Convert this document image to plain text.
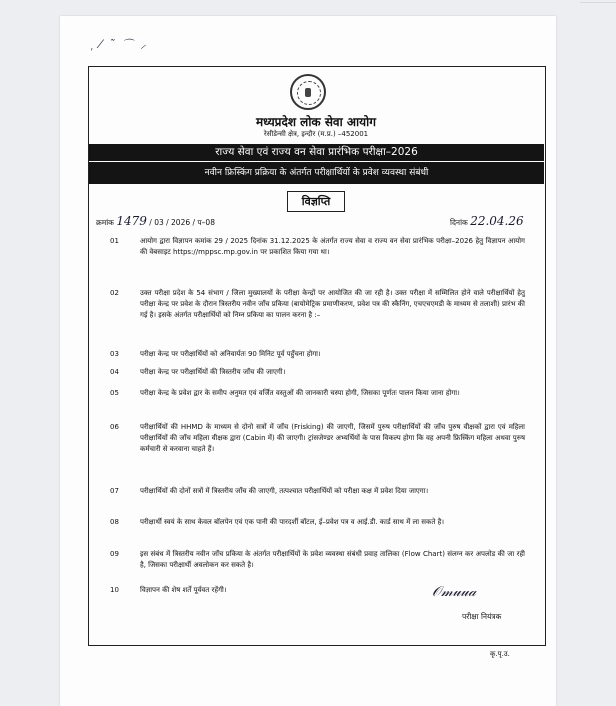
᷊ ⁄ ˜ ⌒ ⸝
मध्यप्रदेश लोक सेवा आयोग
रेसीडेन्सी क्षेत्र, इन्दौर (म.प्र.) –452001
राज्य सेवा एवं राज्य वन सेवा प्रारंभिक परीक्षा–2026
नवीन फ्रिस्किंग प्रक्रिया के अंतर्गत परीक्षार्थियों के प्रवेश व्यवस्था संबंधी
विज्ञप्ति
क्रमांक 1479 / 03 / 2026 / प–08	दिनांक 22.04.26
01	आयोग द्वारा विज्ञापन कमांक 29 / 2025 दिनांक 31.12.2025 के अंतर्गत राज्य सेवा व राज्य वन सेवा प्रारंभिक परीक्षा–2026 हेतु विज्ञापन आयोग की वेबसाइट https://mppsc.mp.gov.in पर प्रकाशित किया गया था।
02	उक्त परीक्षा प्रदेश के 54 संभाग / जिला मुख्यालयों के परीक्षा केन्द्रों पर आयोजित की जा रही है। उक्त परीक्षा में सम्मिलित होने वाले परीक्षार्थियों हेतु परीक्षा केन्द्र पर प्रवेश के दौरान त्रिस्तरीय नवीन जाँच प्रकिया (बायोमेट्रिक प्रमाणीकरण, प्रवेश पत्र की स्कैनिंग, एचएचएमडी के माध्यम से तलाशी) प्रारंभ की गई है। इसके अंतर्गत परीक्षार्थियों को निम्न प्रकिया का पालन करना है :–
03	परीक्षा केन्द्र पर परीक्षार्थियों को अनिवार्यतः 90 मिनिट पूर्व पहुँचना होगा।
04	परीक्षा केन्द्र पर परीक्षार्थियों की त्रिस्तरीय जाँच की जाएगी।
05	परीक्षा केन्द्र के प्रवेश द्वार के समीप अनुमत एवं वर्जित वस्तुओं की जानकारी चस्पा होगी, जिसका पूर्णतः पालन किया जाना होगा।
06	परीक्षार्थियों की HHMD के माध्यम से दोनो सत्रों में जाँच (Frisking) की जाएगी, जिसमें पुरुष परीक्षार्थियों की जाँच पुरुष वीक्षकों द्वारा एवं महिला परीक्षार्थियों की जाँच महिला वीक्षक द्वारा (Cabin में) की जाएगी। ट्रांसजेण्डर अभ्यर्थियों के पास विकल्प होगा कि वह अपनी फ्रिस्किंग महिला अथवा पुरुष कर्मचारी से करवाना चाहते हैं।
07	परीक्षार्थियों की दोनों सत्रों में त्रिस्तरीय जाँच की जाएगी, तत्पश्चात परीक्षार्थियों को परीक्षा कक्ष में प्रवेश दिया जाएगा।
08	परीक्षार्थी स्वयं के साथ केवल बॉलपेन एवं एक पानी की पारदर्शी बॉटल, ई–प्रवेश पत्र व आई.डी. कार्ड साथ में ला सकते है।
09	इस संबंध में त्रिस्तरीय नवीन जाँच प्रकिया के अंतर्गत परीक्षार्थियों के प्रवेश व्यवस्था संबंधी प्रवाह तालिका (Flow Chart) संलग्न कर अपलोड की जा रही है, जिसका परीक्षार्थी अवलोकन कर सकते है।
10	विज्ञापन की शेष शर्तें पूर्ववत रहेंगी।	𝒪𝓂𝓊𝓊𝒶
परीक्षा नियंत्रक
कृ.पृ.उ.
